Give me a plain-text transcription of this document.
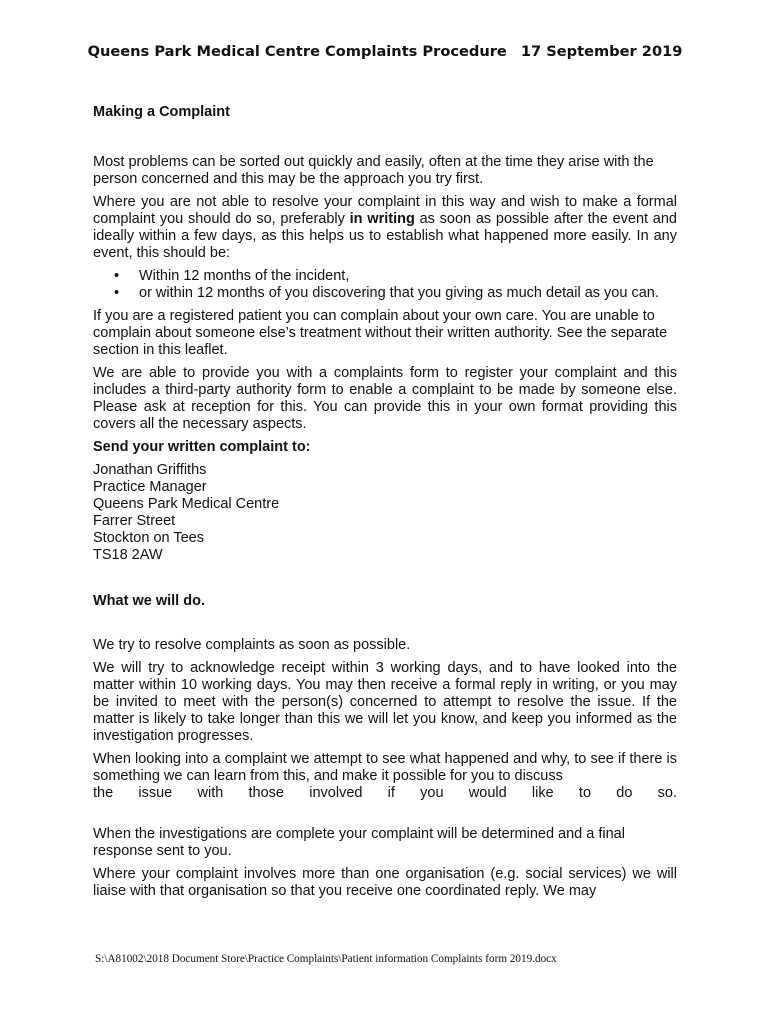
Queens Park Medical Centre Complaints Procedure 17 September 2019

Making a Complaint

Most problems can be sorted out quickly and easily, often at the time they arise with the person concerned and this may be the approach you try first.

Where you are not able to resolve your complaint in this way and wish to make a formal complaint you should do so, preferably in writing as soon as possible after the event and ideally within a few days, as this helps us to establish what happened more easily. In any event, this should be:

• Within 12 months of the incident,
• or within 12 months of you discovering that you giving as much detail as you can.

If you are a registered patient you can complain about your own care. You are unable to complain about someone else’s treatment without their written authority. See the separate section in this leaflet.

We are able to provide you with a complaints form to register your complaint and this includes a third-party authority form to enable a complaint to be made by someone else. Please ask at reception for this. You can provide this in your own format providing this covers all the necessary aspects.

Send your written complaint to:

Jonathan Griffiths

Practice Manager

Queens Park Medical Centre

Farrer Street

Stockton on Tees

TS18 2AW

What we will do.

We try to resolve complaints as soon as possible.

We will try to acknowledge receipt within 3 working days, and to have looked into the matter within 10 working days. You may then receive a formal reply in writing, or you may be invited to meet with the person(s) concerned to attempt to resolve the issue. If the matter is likely to take longer than this we will let you know, and keep you informed as the investigation progresses.

When looking into a complaint we attempt to see what happened and why, to see if there is something we can learn from this, and make it possible for you to discuss

the issue with those involved if you would like to do so.

When the investigations are complete your complaint will be determined and a final response sent to you.

Where your complaint involves more than one organisation (e.g. social services) we will liaise with that organisation so that you receive one coordinated reply. We may

S:\A81002\2018 Document Store\Practice Complaints\Patient information Complaints form 2019.docx
